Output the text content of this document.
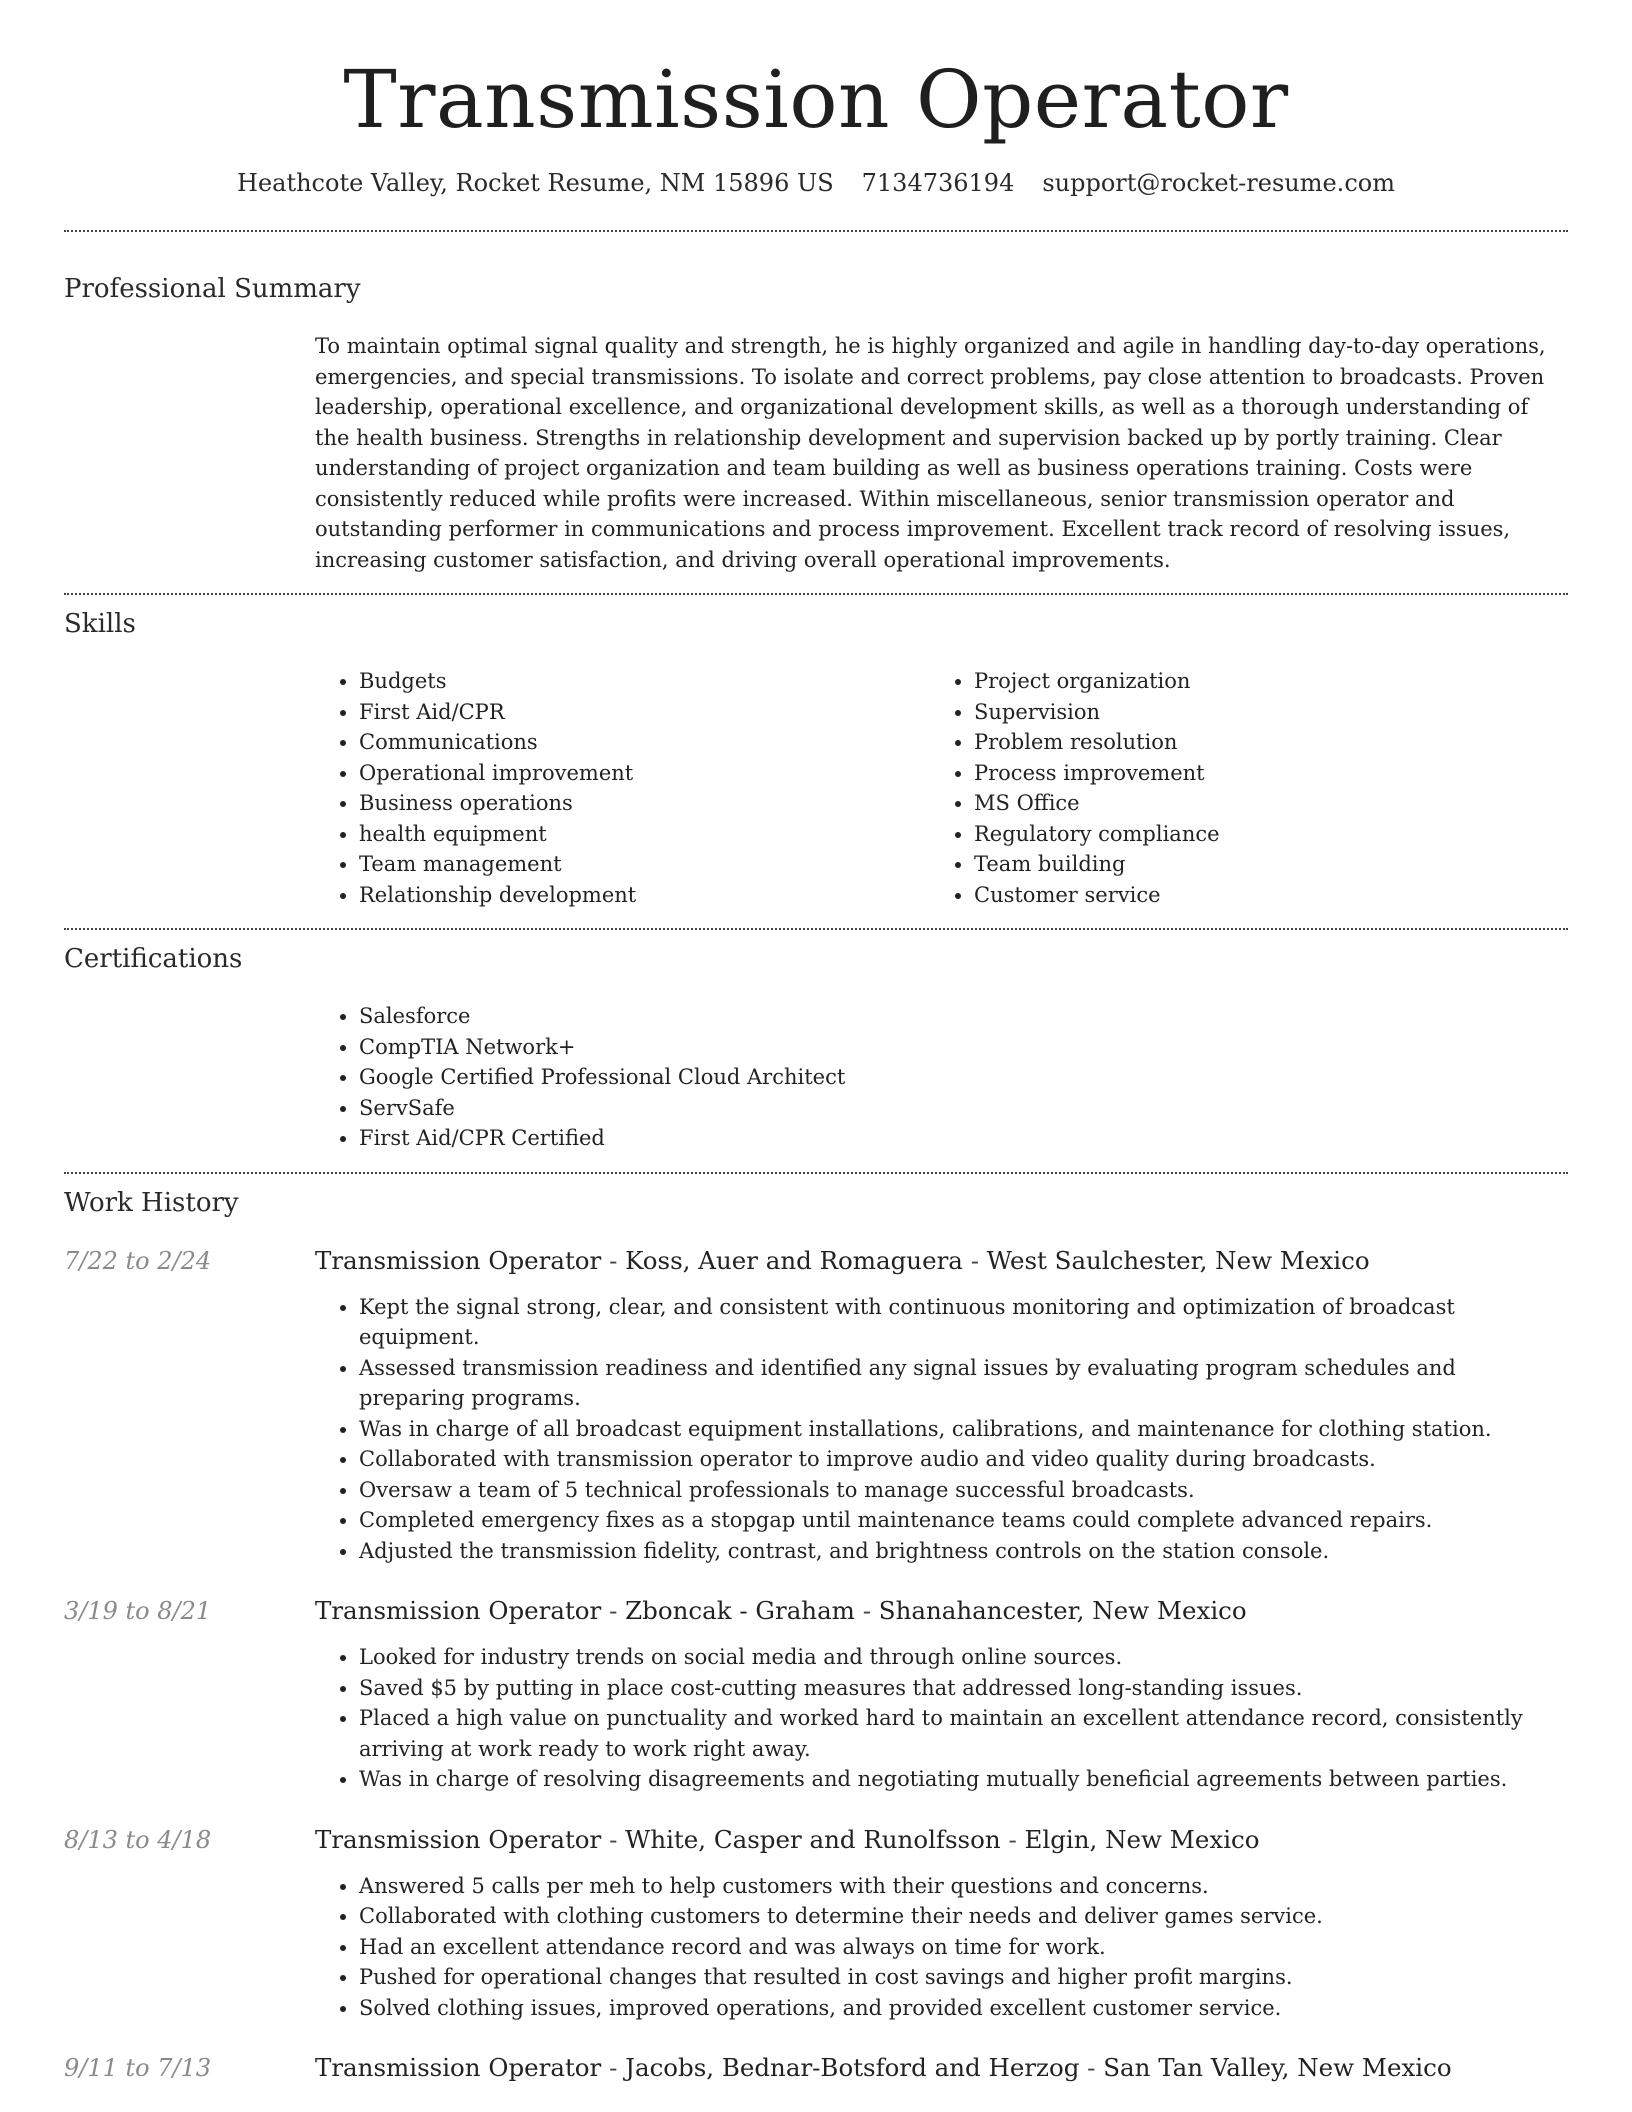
Transmission Operator
Heathcote Valley, Rocket Resume, NM 15896 US 7134736194 support@rocket-resume.com
Professional Summary
To maintain optimal signal quality and strength, he is highly organized and agile in handling day-to-day operations, emergencies, and special transmissions. To isolate and correct problems, pay close attention to broadcasts. Proven leadership, operational excellence, and organizational development skills, as well as a thorough understanding of the health business. Strengths in relationship development and supervision backed up by portly training. Clear understanding of project organization and team building as well as business operations training. Costs were consistently reduced while profits were increased. Within miscellaneous, senior transmission operator and outstanding performer in communications and process improvement. Excellent track record of resolving issues, increasing customer satisfaction, and driving overall operational improvements.
Skills
• Budgets
• First Aid/CPR
• Communications
• Operational improvement
• Business operations
• health equipment
• Team management
• Relationship development
• Project organization
• Supervision
• Problem resolution
• Process improvement
• MS Office
• Regulatory compliance
• Team building
• Customer service
Certifications
• Salesforce
• CompTIA Network+
• Google Certified Professional Cloud Architect
• ServSafe
• First Aid/CPR Certified
Work History
7/22 to 2/24	Transmission Operator - Koss, Auer and Romaguera - West Saulchester, New Mexico
• Kept the signal strong, clear, and consistent with continuous monitoring and optimization of broadcast equipment.
• Assessed transmission readiness and identified any signal issues by evaluating program schedules and preparing programs.
• Was in charge of all broadcast equipment installations, calibrations, and maintenance for clothing station.
• Collaborated with transmission operator to improve audio and video quality during broadcasts.
• Oversaw a team of 5 technical professionals to manage successful broadcasts.
• Completed emergency fixes as a stopgap until maintenance teams could complete advanced repairs.
• Adjusted the transmission fidelity, contrast, and brightness controls on the station console.
3/19 to 8/21	Transmission Operator - Zboncak - Graham - Shanahancester, New Mexico
• Looked for industry trends on social media and through online sources.
• Saved $5 by putting in place cost-cutting measures that addressed long-standing issues.
• Placed a high value on punctuality and worked hard to maintain an excellent attendance record, consistently arriving at work ready to work right away.
• Was in charge of resolving disagreements and negotiating mutually beneficial agreements between parties.
8/13 to 4/18	Transmission Operator - White, Casper and Runolfsson - Elgin, New Mexico
• Answered 5 calls per meh to help customers with their questions and concerns.
• Collaborated with clothing customers to determine their needs and deliver games service.
• Had an excellent attendance record and was always on time for work.
• Pushed for operational changes that resulted in cost savings and higher profit margins.
• Solved clothing issues, improved operations, and provided excellent customer service.
9/11 to 7/13	Transmission Operator - Jacobs, Bednar-Botsford and Herzog - San Tan Valley, New Mexico
